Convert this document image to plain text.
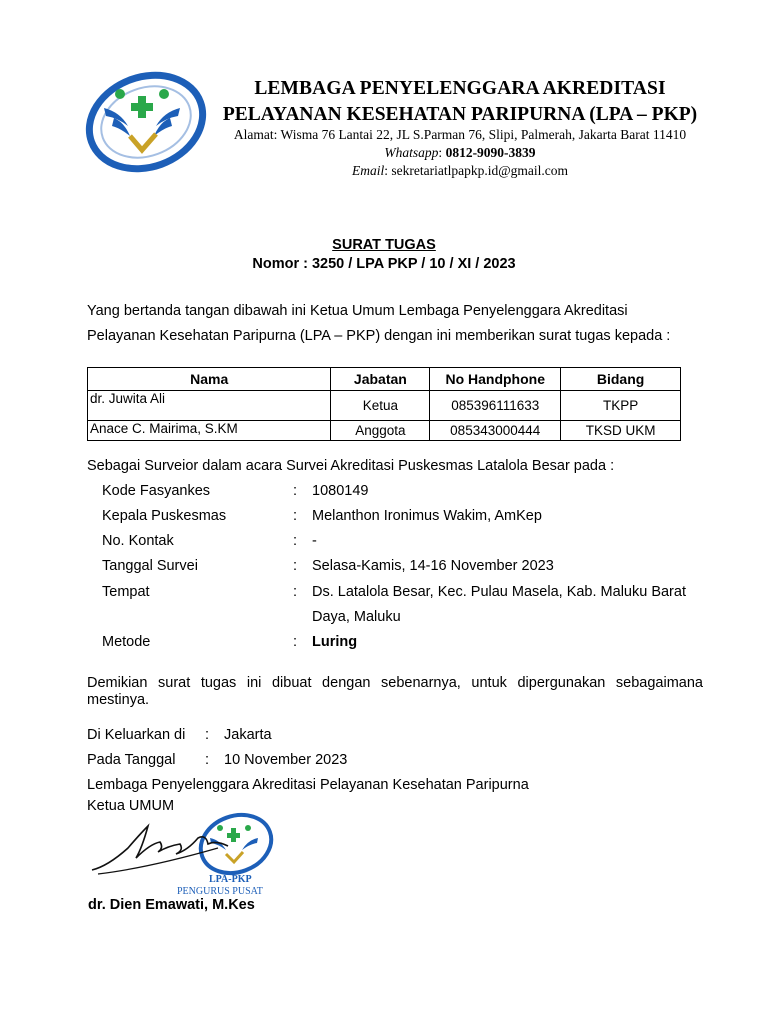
LEMBAGA PENYELENGGARA AKREDITASI
PELAYANAN KESEHATAN PARIPURNA (LPA – PKP)
Alamat: Wisma 76 Lantai 22, JL S.Parman 76, Slipi, Palmerah, Jakarta Barat 11410
Whatsapp: 0812-9090-3839
Email: sekretariatlpapkp.id@gmail.com
SURAT TUGAS
Nomor : 3250 / LPA PKP / 10 / XI / 2023
Yang bertanda tangan dibawah ini Ketua Umum Lembaga Penyelenggara Akreditasi
Pelayanan Kesehatan Paripurna (LPA – PKP) dengan ini memberikan surat tugas kepada :
Nama	Jabatan	No Handphone	Bidang
dr. Juwita Ali	Ketua	085396111633	TKPP
Anace C. Mairima, S.KM	Anggota	085343000444	TKSD UKM
Sebagai Surveior dalam acara Survei Akreditasi Puskesmas Latalola Besar pada :
Kode Fasyankes	: 1080149
Kepala Puskesmas	: Melanthon Ironimus Wakim, AmKep
No. Kontak	: -
Tanggal Survei	: Selasa-Kamis, 14-16 November 2023
Tempat	: Ds. Latalola Besar, Kec. Pulau Masela, Kab. Maluku Barat
Daya, Maluku
Metode	: Luring
Demikian surat tugas ini dibuat dengan sebenarnya, untuk dipergunakan sebagaimana
mestinya.
Di Keluarkan di : Jakarta
Pada Tanggal : 10 November 2023
Lembaga Penyelenggara Akreditasi Pelayanan Kesehatan Paripurna
Ketua UMUM
LPA-PKP
PENGURUS PUSAT
dr. Dien Emawati, M.Kes
